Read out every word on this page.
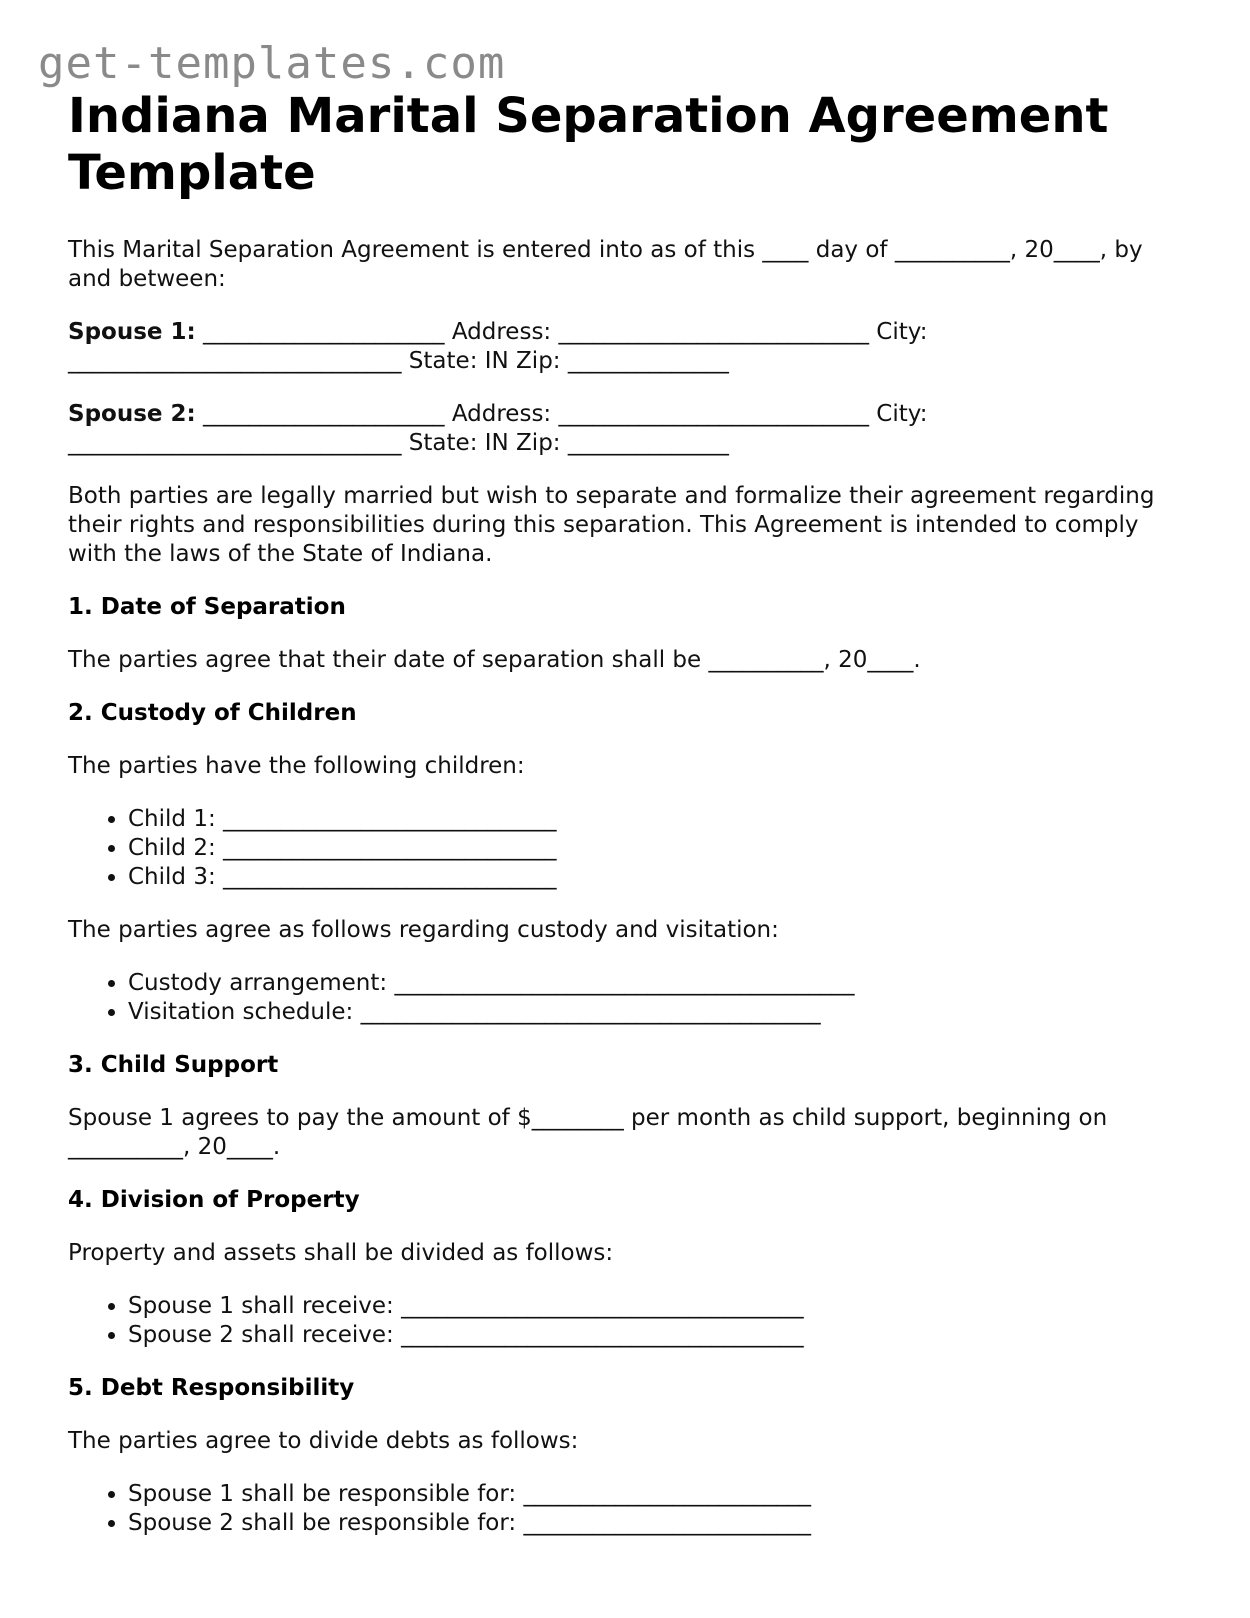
get-templates.com
Indiana Marital Separation Agreement Template

This Marital Separation Agreement is entered into as of this ____ day of __________, 20____, by and between:

Spouse 1: _____________________ Address: ___________________________ City: _____________________________ State: IN Zip: ______________

Spouse 2: _____________________ Address: ___________________________ City: _____________________________ State: IN Zip: ______________

Both parties are legally married but wish to separate and formalize their agreement regarding their rights and responsibilities during this separation. This Agreement is intended to comply with the laws of the State of Indiana.

1. Date of Separation

The parties agree that their date of separation shall be __________, 20____.

2. Custody of Children

The parties have the following children:

• Child 1: _____________________________
• Child 2: _____________________________
• Child 3: _____________________________

The parties agree as follows regarding custody and visitation:

• Custody arrangement: ________________________________________
• Visitation schedule: ________________________________________
3. Child Support

Spouse 1 agrees to pay the amount of $________ per month as child support, beginning on __________, 20____.

4. Division of Property

Property and assets shall be divided as follows:

• Spouse 1 shall receive: ___________________________________
• Spouse 2 shall receive: ___________________________________
5. Debt Responsibility

The parties agree to divide debts as follows:

• Spouse 1 shall be responsible for: _________________________
• Spouse 2 shall be responsible for: _________________________
